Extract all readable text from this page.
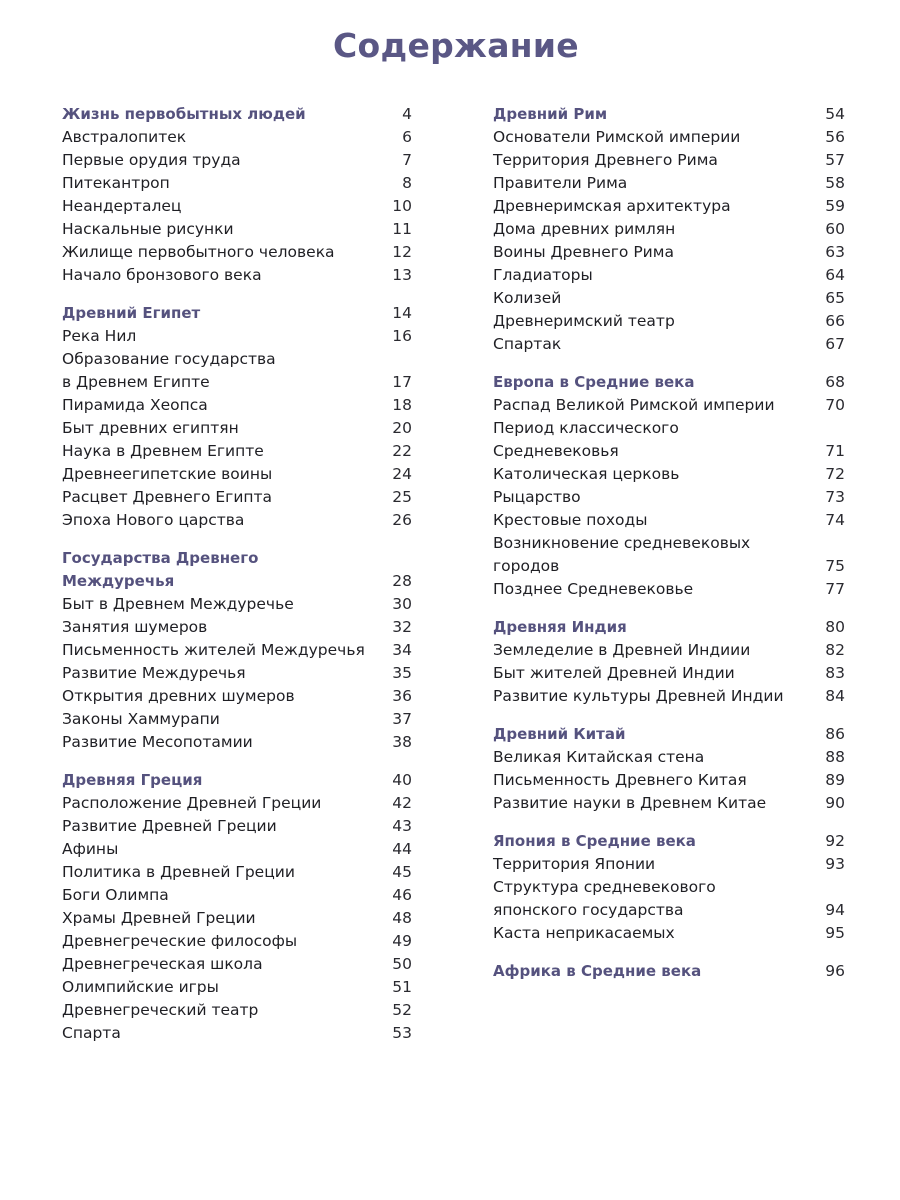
Содержание
Жизнь первобытных людей	4
Австралопитек	6
Первые орудия труда	7
Питекантроп	8
Неандерталец	10
Наскальные рисунки	11
Жилище первобытного человека	12
Начало бронзового века	13
Древний Египет	14
Река Нил	16
Образование государства
в Древнем Египте	17
Пирамида Хеопса	18
Быт древних египтян	20
Наука в Древнем Египте	22
Древнеегипетские воины	24
Расцвет Древнего Египта	25
Эпоха Нового царства	26
Государства Древнего Междуречья	28
Быт в Древнем Междуречье	30
Занятия шумеров	32
Письменность жителей Междуречья	34
Развитие Междуречья	35
Открытия древних шумеров	36
Законы Хаммурапи	37
Развитие Месопотамии	38
Древняя Греция	40
Расположение Древней Греции	42
Развитие Древней Греции	43
Афины	44
Политика в Древней Греции	45
Боги Олимпа	46
Храмы Древней Греции	48
Древнегреческие философы	49
Древнегреческая школа	50
Олимпийские игры	51
Древнегреческий театр	52
Спарта	53
Древний Рим	54
Основатели Римской империи	56
Территория Древнего Рима	57
Правители Рима	58
Древнеримская архитектура	59
Дома древних римлян	60
Воины Древнего Рима	63
Гладиаторы	64
Колизей	65
Древнеримский театр	66
Спартак	67
Европа в Средние века	68
Распад Великой Римской империи	70
Период классического Средневековья	71
Католическая церковь	72
Рыцарство	73
Крестовые походы	74
Возникновение средневековых
городов	75
Позднее Средневековье	77
Древняя Индия	80
Земледелие в Древней Индиии	82
Быт жителей Древней Индии	83
Развитие культуры Древней Индии	84
Древний Китай	86
Великая Китайская стена	88
Письменность Древнего Китая	89
Развитие науки в Древнем Китае	90
Япония в Средние века	92
Территория Японии	93
Структура средневекового
японского государства	94
Каста неприкасаемых	95
Африка в Средние века	96
